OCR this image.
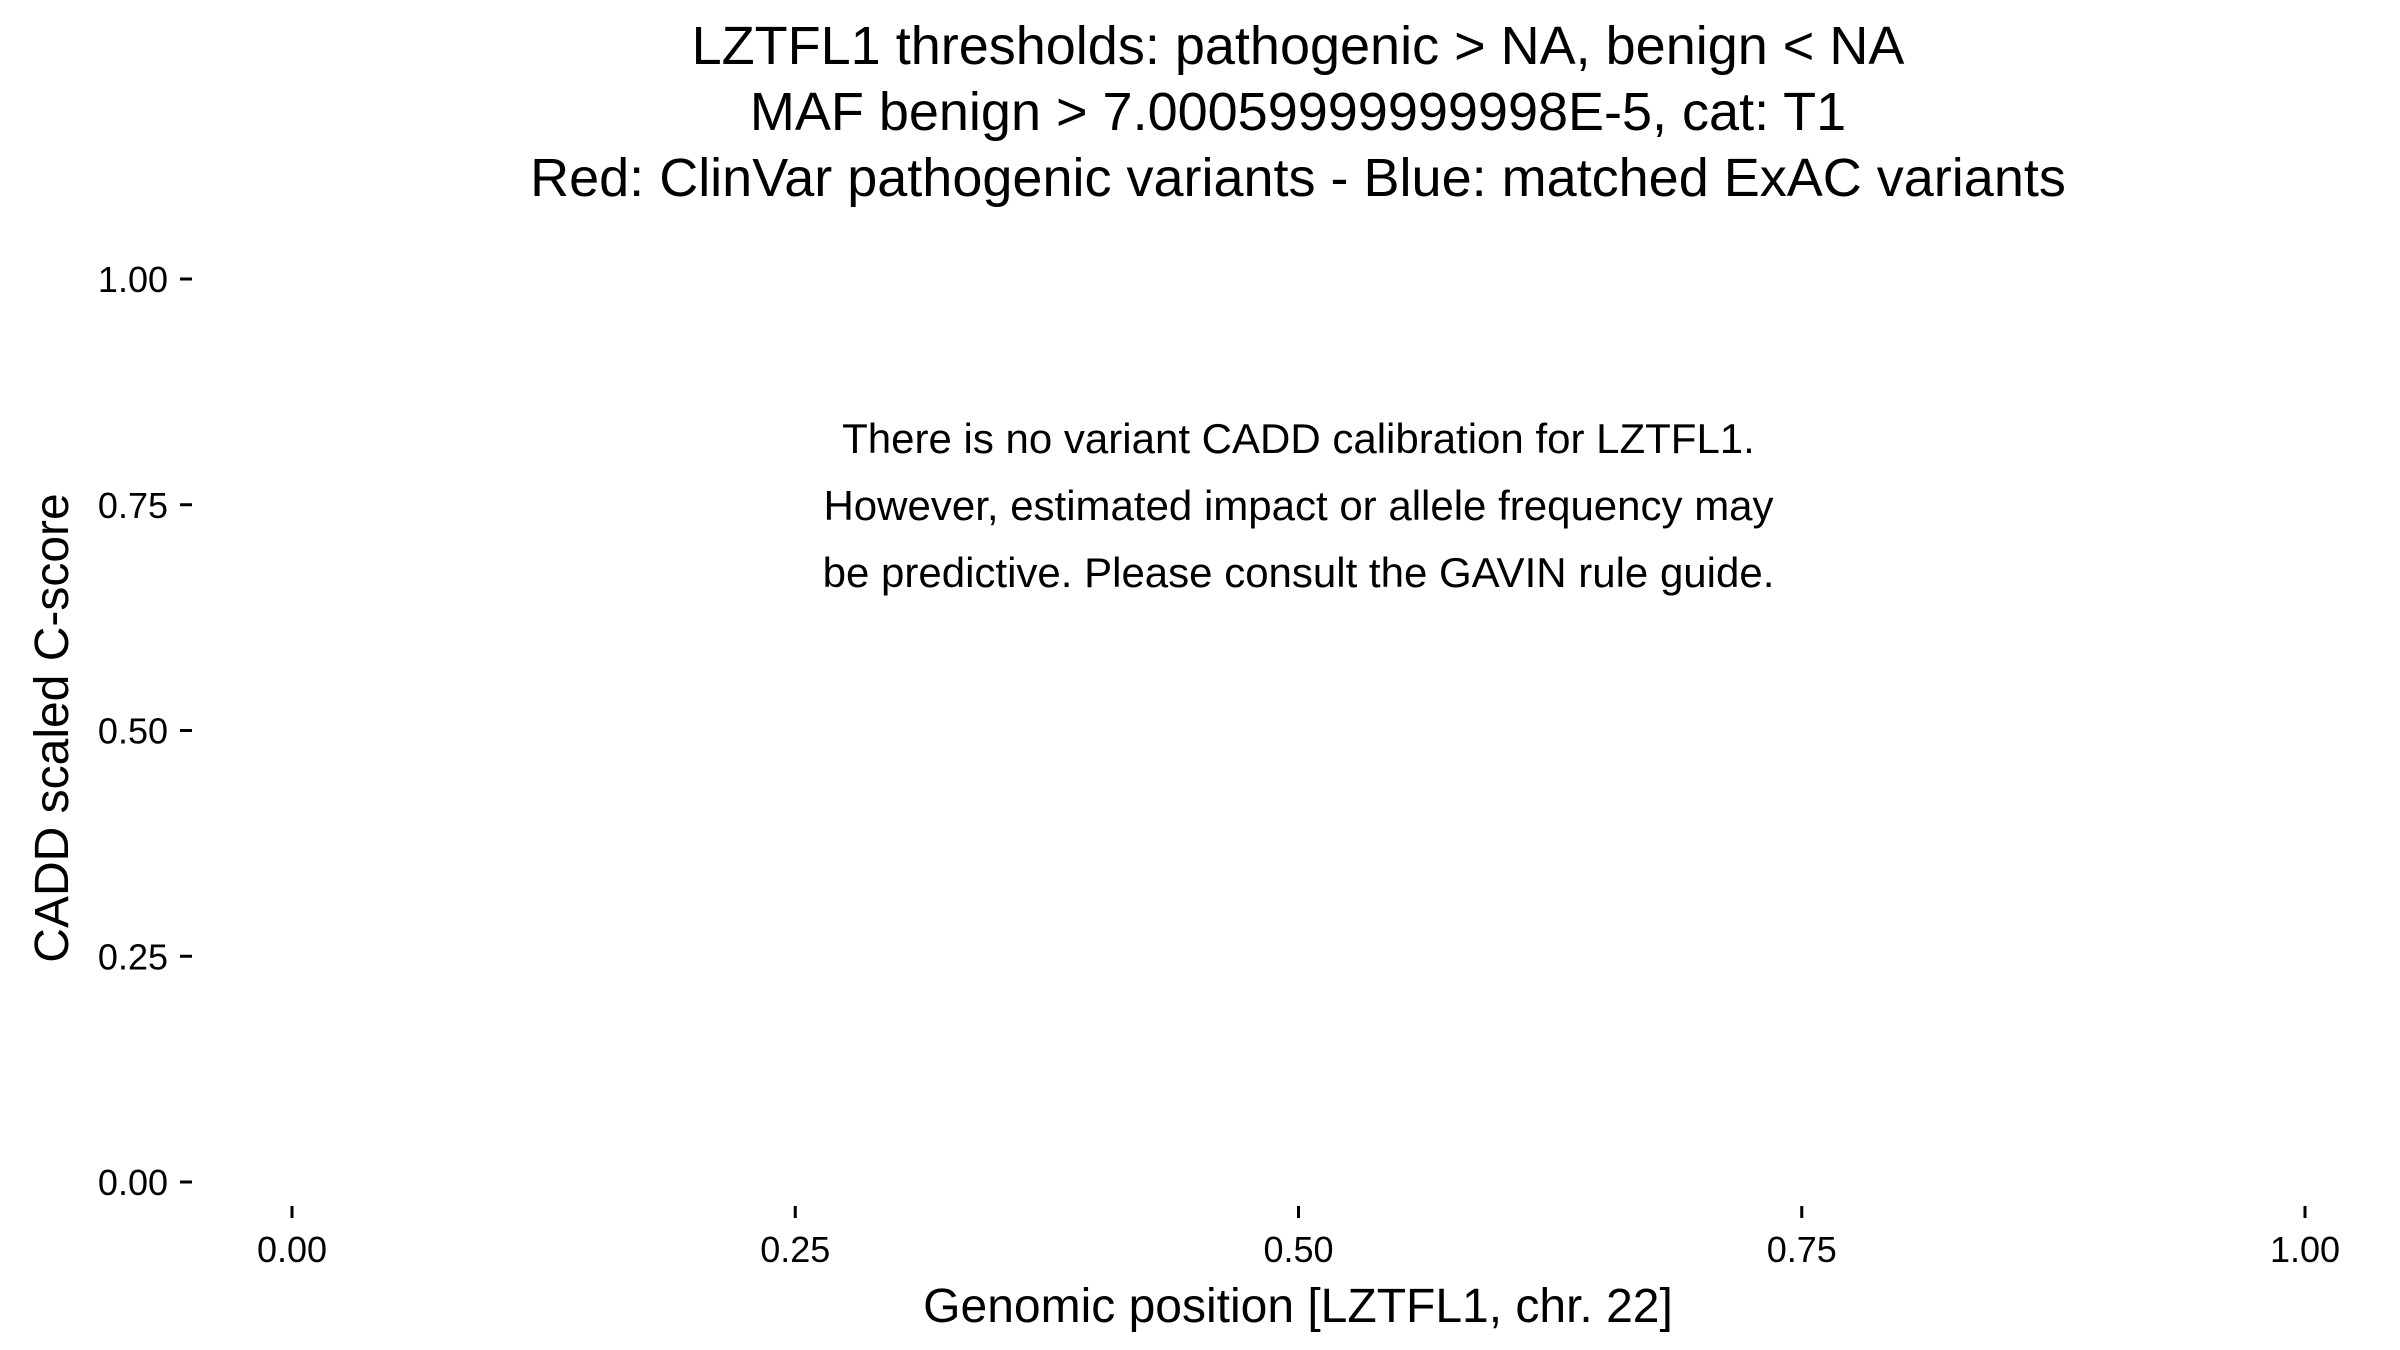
LZTFL1 thresholds: pathogenic > NA, benign < NA
MAF benign > 7.00059999999998E-5, cat: T1
Red: ClinVar pathogenic variants - Blue: matched ExAC variants
0.00
0.25
0.50
0.75
1.00
0.00	0.25	0.50	0.75	1.00
There is no variant CADD calibration for LZTFL1.
However, estimated impact or allele frequency may
be predictive. Please consult the GAVIN rule guide.
Genomic position [LZTFL1, chr. 22]
CADD scaled C-score
